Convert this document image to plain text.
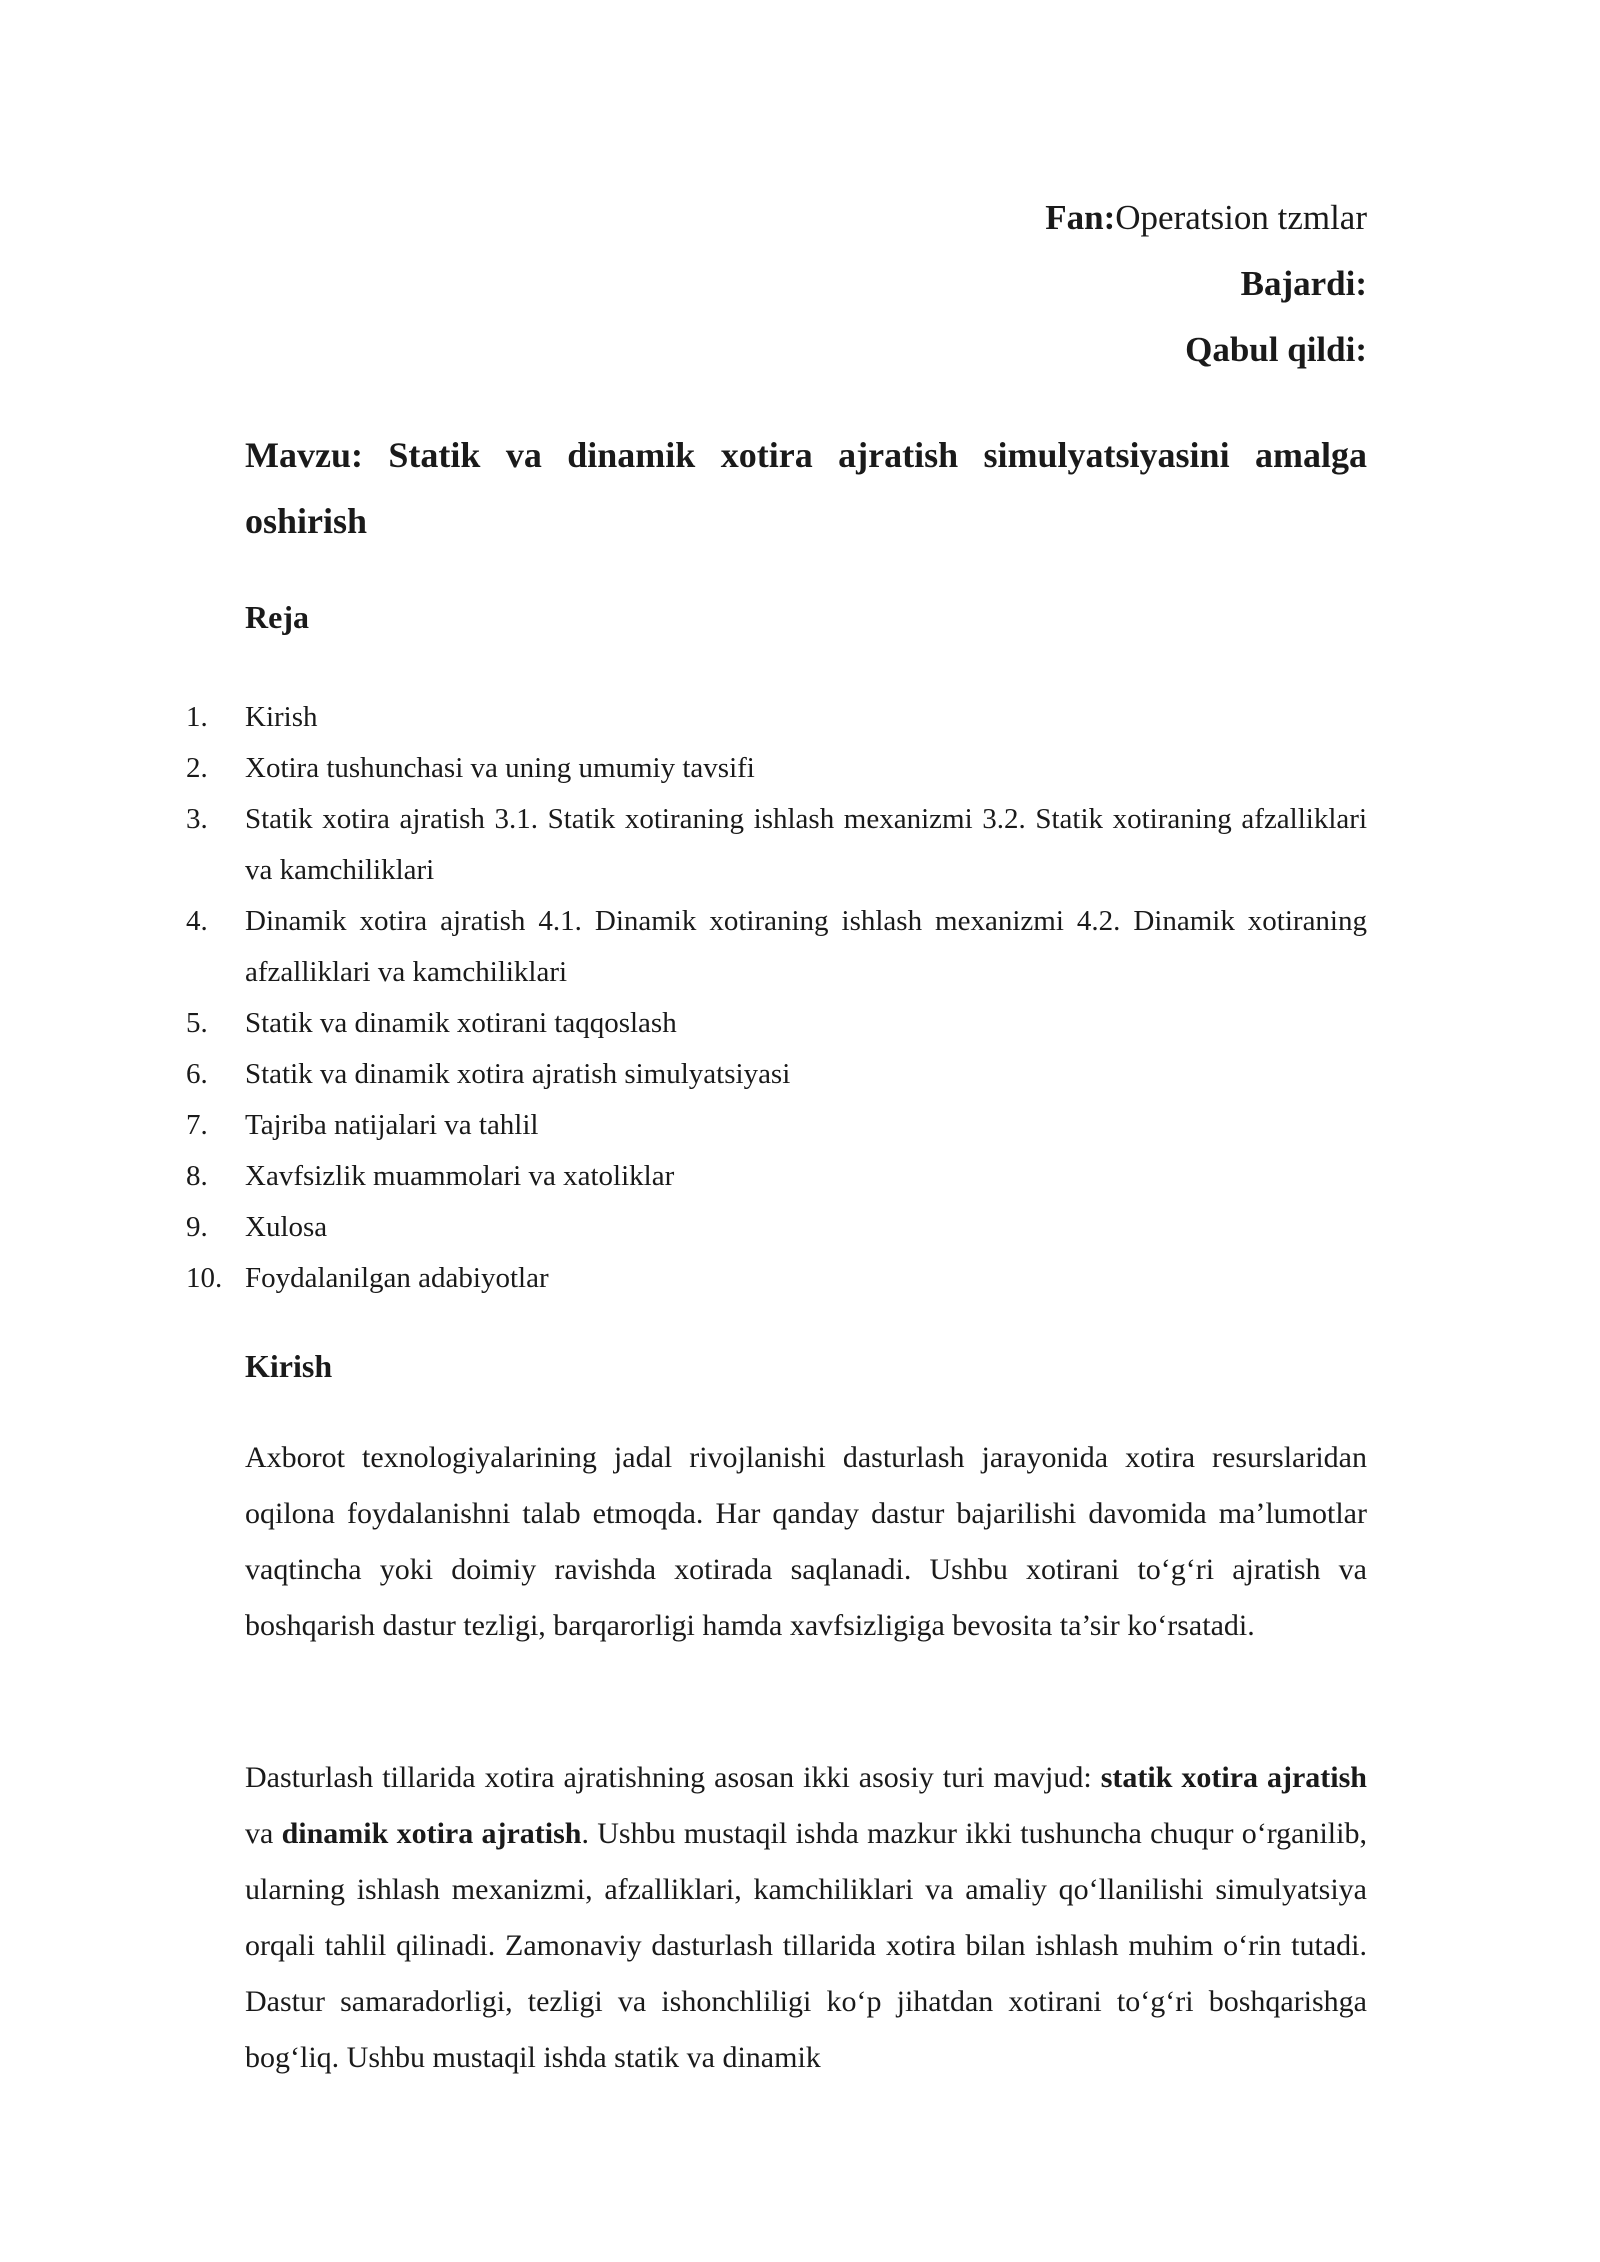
Fan:Operatsion tzmlar
Bajardi:
Qabul qildi:
Mavzu: Statik va dinamik xotira ajratish simulyatsiyasini amalga
oshirish
Reja
1. Kirish
2. Xotira tushunchasi va uning umumiy tavsifi
3. Statik xotira ajratish 3.1. Statik xotiraning ishlash mexanizmi 3.2. Statik xotiraning afzalliklari va kamchiliklari
4. Dinamik xotira ajratish 4.1. Dinamik xotiraning ishlash mexanizmi 4.2. Dinamik xotiraning afzalliklari va kamchiliklari
5. Statik va dinamik xotirani taqqoslash
6. Statik va dinamik xotira ajratish simulyatsiyasi
7. Tajriba natijalari va tahlil
8. Xavfsizlik muammolari va xatoliklar
9. Xulosa
10. Foydalanilgan adabiyotlar
Kirish

Axborot texnologiyalarining jadal rivojlanishi dasturlash jarayonida xotira resurslaridan oqilona foydalanishni talab etmoqda. Har qanday dastur bajarilishi davomida ma’lumotlar vaqtincha yoki doimiy ravishda xotirada saqlanadi. Ushbu xotirani to‘g‘ri ajratish va boshqarish dastur tezligi, barqarorligi hamda xavfsizligiga bevosita ta’sir ko‘rsatadi.

Dasturlash tillarida xotira ajratishning asosan ikki asosiy turi mavjud: statik xotira ajratish va dinamik xotira ajratish. Ushbu mustaqil ishda mazkur ikki tushuncha chuqur o‘rganilib, ularning ishlash mexanizmi, afzalliklari, kamchiliklari va amaliy qo‘llanilishi simulyatsiya orqali tahlil qilinadi. Zamonaviy dasturlash tillarida xotira bilan ishlash muhim o‘rin tutadi. Dastur samaradorligi, tezligi va ishonchliligi ko‘p jihatdan xotirani to‘g‘ri boshqarishga bog‘liq. Ushbu mustaqil ishda statik va dinamik
